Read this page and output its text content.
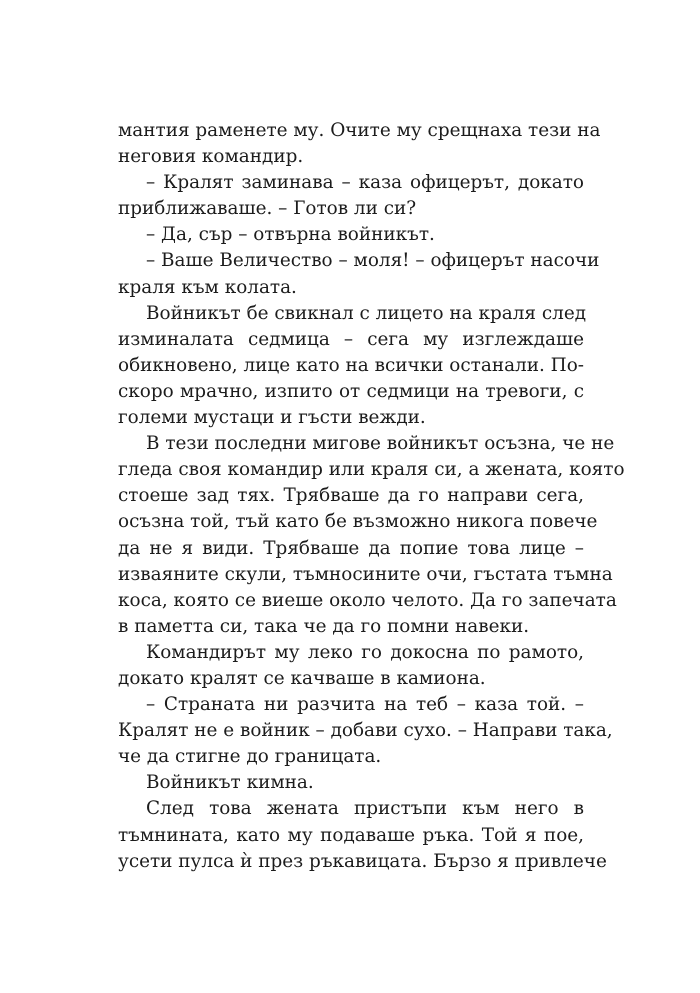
мантия раменете му. Очите му срещнаха тези на
неговия командир.
– Кралят заминава – каза офицерът, докато
приближаваше. – Готов ли си?
– Да, сър – отвърна войникът.
– Ваше Величество – моля! – офицерът насочи
краля към колата.
Войникът бе свикнал с лицето на краля след
изминалата седмица – сега му изглеждаше
обикновено, лице като на всички останали. По-
скоро мрачно, изпито от седмици на тревоги, с
големи мустаци и гъсти вежди.
В тези последни мигове войникът осъзна, че не
гледа своя командир или краля си, а жената, която
стоеше зад тях. Трябваше да го направи сега,
осъзна той, тъй като бе възможно никога повече
да не я види. Трябваше да попие това лице –
изваяните скули, тъмносините очи, гъстата тъмна
коса, която се виеше около челото. Да го запечата
в паметта си, така че да го помни навеки.
Командирът му леко го докосна по рамото,
докато кралят се качваше в камиона.
– Страната ни разчита на теб – каза той. –
Кралят не е войник – добави сухо. – Направи така,
че да стигне до границата.
Войникът кимна.
След това жената пристъпи към него в
тъмнината, като му подаваше ръка. Той я пое,
усети пулса ѝ през ръкавицата. Бързо я привлече
